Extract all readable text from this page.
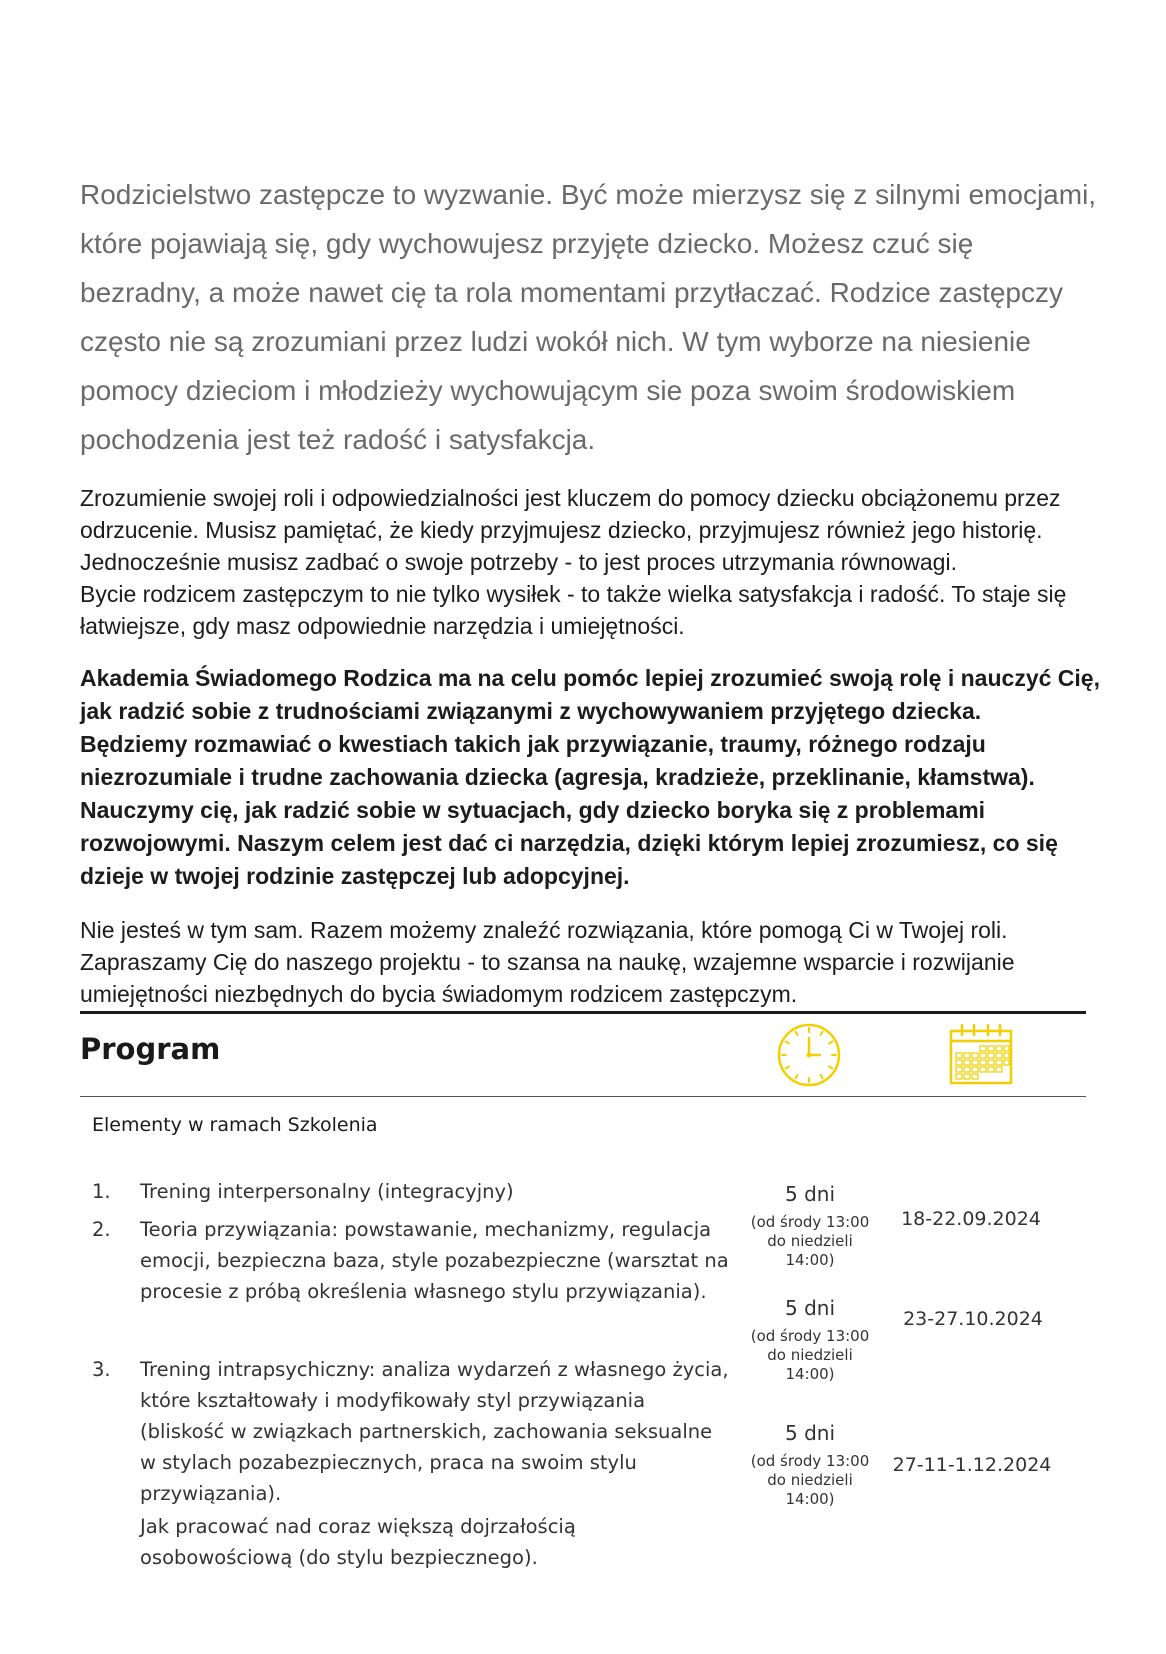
Rodzicielstwo zastępcze to wyzwanie. Być może mierzysz się z silnymi emocjami, które pojawiają się, gdy wychowujesz przyjęte dziecko. Możesz czuć się bezradny, a może nawet cię ta rola momentami przytłaczać. Rodzice zastępczy często nie są zrozumiani przez ludzi wokół nich. W tym wyborze na niesienie pomocy dzieciom i młodzieży wychowującym sie poza swoim środowiskiem pochodzenia jest też radość i satysfakcja.

Zrozumienie swojej roli i odpowiedzialności jest kluczem do pomocy dziecku obciążonemu przez odrzucenie. Musisz pamiętać, że kiedy przyjmujesz dziecko, przyjmujesz również jego historię. Jednocześnie musisz zadbać o swoje potrzeby - to jest proces utrzymania równowagi.
Bycie rodzicem zastępczym to nie tylko wysiłek - to także wielka satysfakcja i radość. To staje się łatwiejsze, gdy masz odpowiednie narzędzia i umiejętności.
Akademia Świadomego Rodzica ma na celu pomóc lepiej zrozumieć swoją rolę i nauczyć Cię, jak radzić sobie z trudnościami związanymi z wychowywaniem przyjętego dziecka.
Będziemy rozmawiać o kwestiach takich jak przywiązanie, traumy, różnego rodzaju niezrozumiale i trudne zachowania dziecka (agresja, kradzieże, przeklinanie, kłamstwa). Nauczymy cię, jak radzić sobie w sytuacjach, gdy dziecko boryka się z problemami rozwojowymi. Naszym celem jest dać ci narzędzia, dzięki którym lepiej zrozumiesz, co się dzieje w twojej rodzinie zastępczej lub adopcyjnej.

Nie jesteś w tym sam. Razem możemy znaleźć rozwiązania, które pomogą Ci w Twojej roli. Zapraszamy Cię do naszego projektu - to szansa na naukę, wzajemne wsparcie i rozwijanie umiejętności niezbędnych do bycia świadomym rodzicem zastępczym.

Program
Elementy w ramach Szkolenia
1. Trening interpersonalny (integracyjny)

2. Teoria przywiązania: powstawanie, mechanizmy, regulacja emocji, bezpieczna baza, style pozabezpieczne (warsztat na procesie z próbą określenia własnego stylu przywiązania).

3. Trening intrapsychiczny: analiza wydarzeń z własnego życia, które kształtowały i modyfikowały styl przywiązania (bliskość w związkach partnerskich, zachowania seksualne w stylach pozabezpiecznych, praca na swoim stylu przywiązania).

Jak pracować nad coraz większą dojrzałością osobowościową (do stylu bezpiecznego).

5 dni
(od środy 13:00
do niedzieli
14:00)
18-22.09.2024
5 dni
(od środy 13:00
do niedzieli
14:00)
23-27.10.2024
5 dni
(od środy 13:00
do niedzieli
14:00)
27-11-1.12.2024
